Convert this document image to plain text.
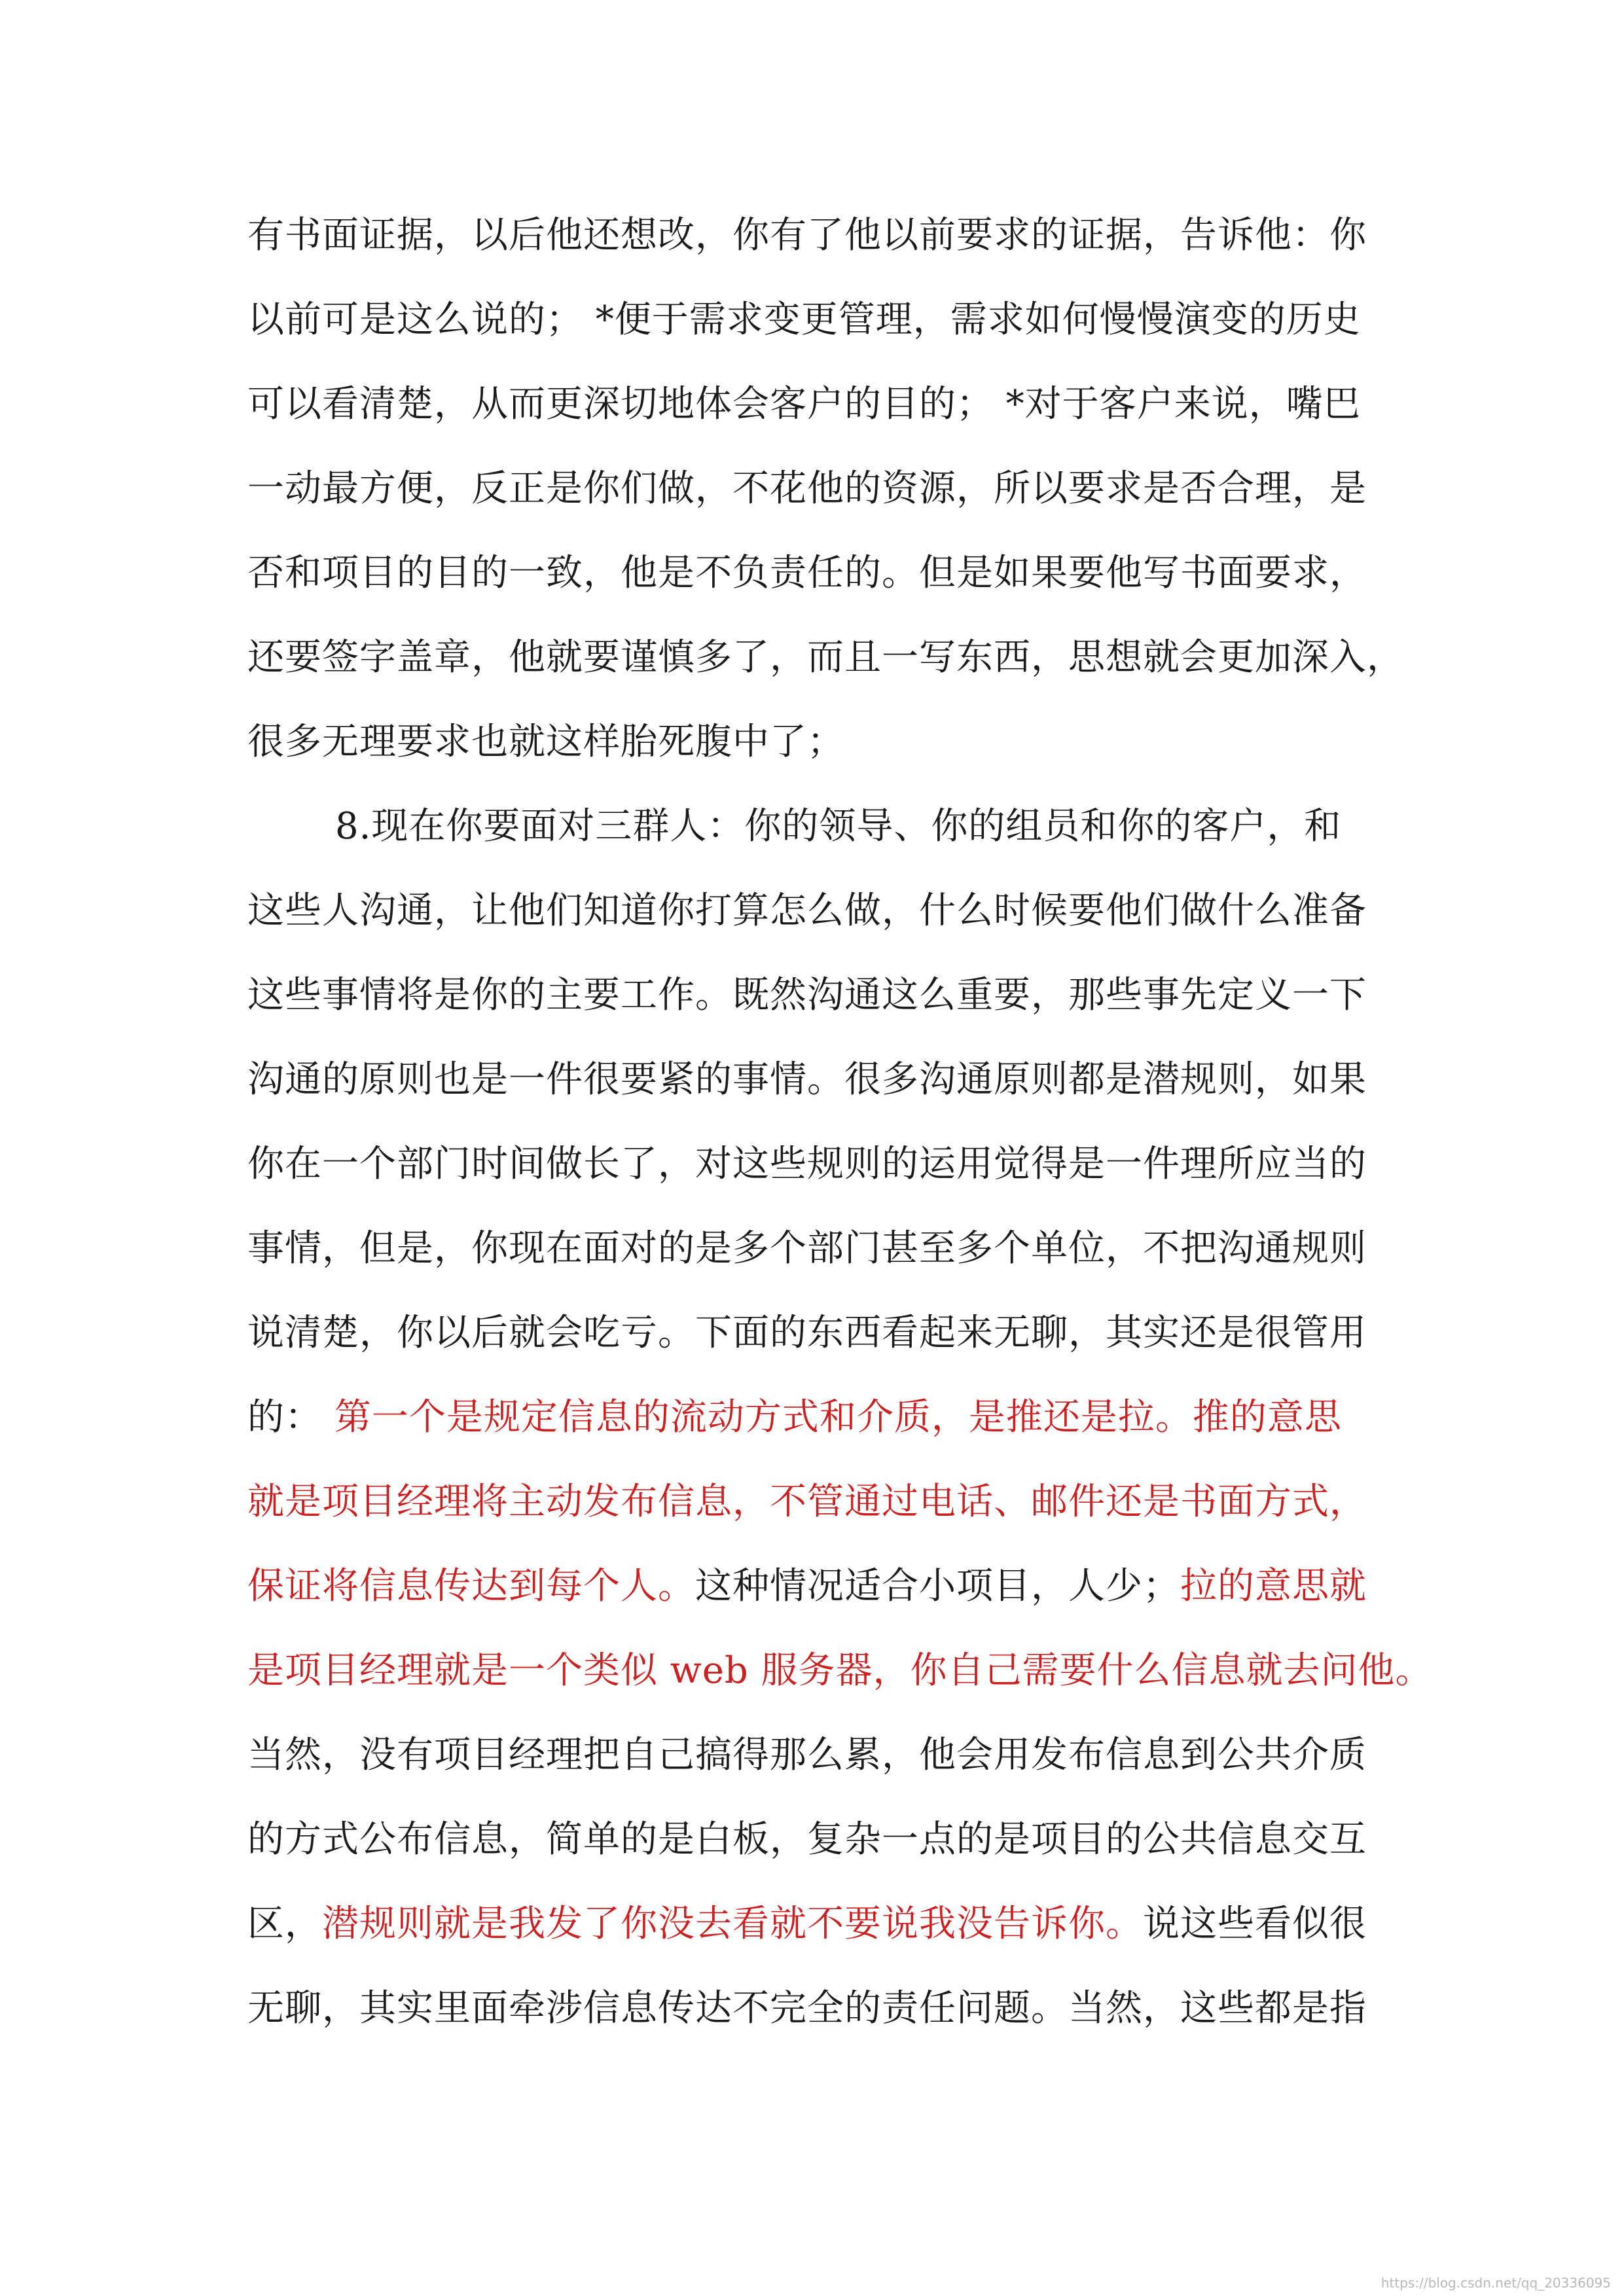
有书面证据，以后他还想改，你有了他以前要求的证据，告诉他：你
以前可是这么说的； *便于需求变更管理，需求如何慢慢演变的历史
可以看清楚，从而更深切地体会客户的目的； *对于客户来说，嘴巴
一动最方便，反正是你们做，不花他的资源，所以要求是否合理，是
否和项目的目的一致，他是不负责任的。但是如果要他写书面要求，
还要签字盖章，他就要谨慎多了，而且一写东西，思想就会更加深入，
很多无理要求也就这样胎死腹中了；
8.现在你要面对三群人：你的领导、你的组员和你的客户，和
这些人沟通，让他们知道你打算怎么做，什么时候要他们做什么准备
这些事情将是你的主要工作。既然沟通这么重要，那些事先定义一下
沟通的原则也是一件很要紧的事情。很多沟通原则都是潜规则，如果
你在一个部门时间做长了，对这些规则的运用觉得是一件理所应当的
事情，但是，你现在面对的是多个部门甚至多个单位，不把沟通规则
说清楚，你以后就会吃亏。下面的东西看起来无聊，其实还是很管用
的： 第一个是规定信息的流动方式和介质，是推还是拉。推的意思
就是项目经理将主动发布信息，不管通过电话、邮件还是书面方式，
保证将信息传达到每个人。这种情况适合小项目，人少；拉的意思就
是项目经理就是一个类似 web 服务器，你自己需要什么信息就去问他。
当然，没有项目经理把自己搞得那么累，他会用发布信息到公共介质
的方式公布信息，简单的是白板，复杂一点的是项目的公共信息交互
区，潜规则就是我发了你没去看就不要说我没告诉你。说这些看似很
无聊，其实里面牵涉信息传达不完全的责任问题。当然，这些都是指
https://blog.csdn.net/qq_20336095
